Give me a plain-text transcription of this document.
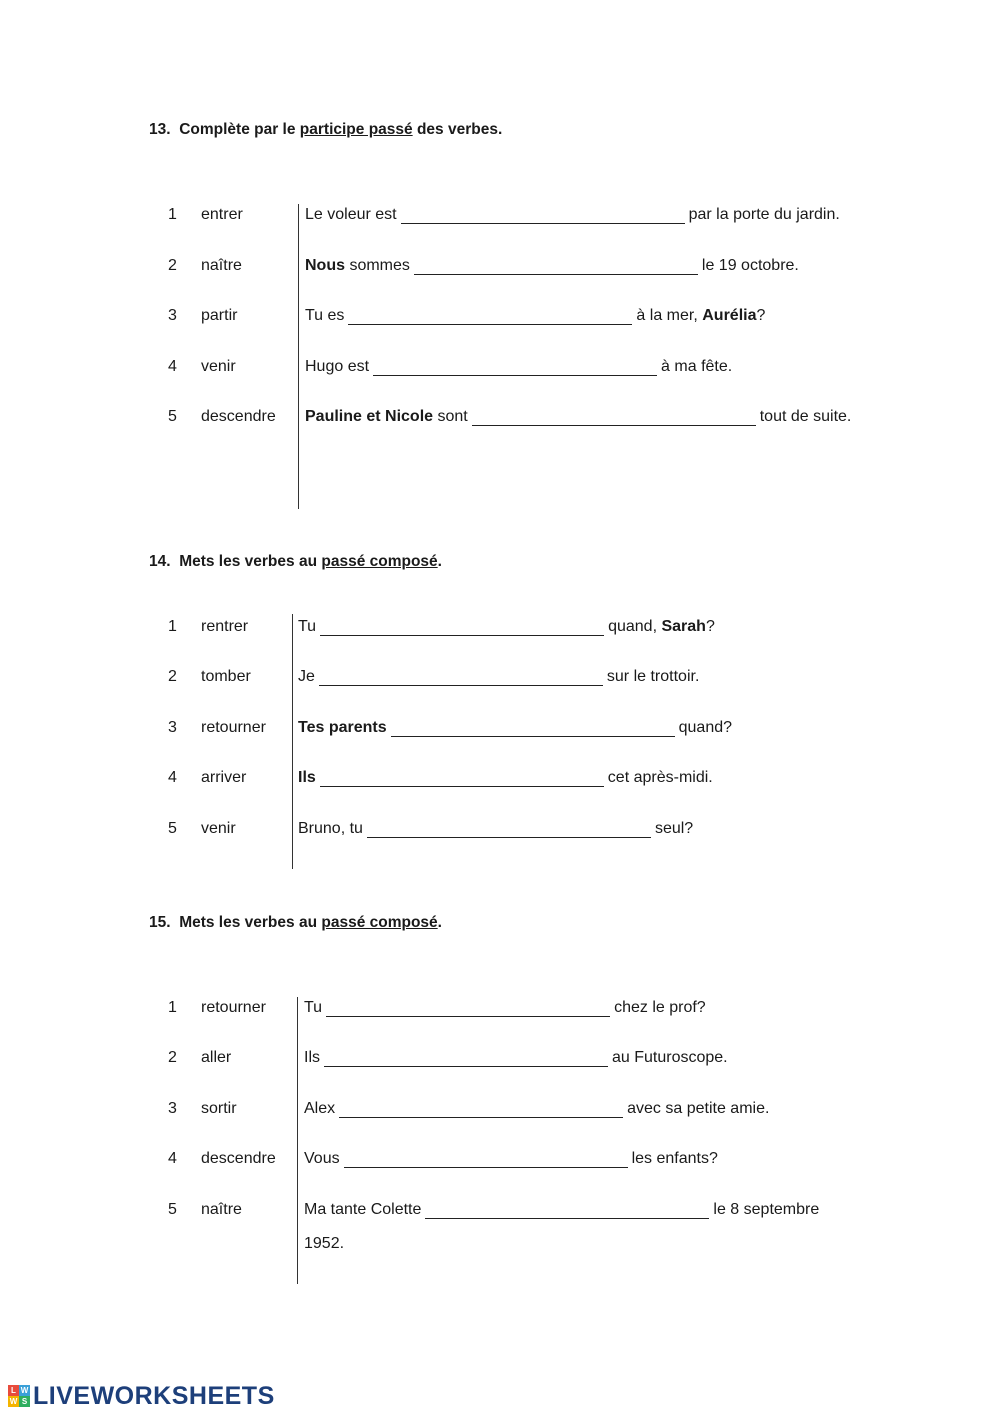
13. Complète par le participe passé des verbes.
1 entrer	Le voleur est	par la porte du jardin.
2 naître	Nous sommes	le 19 octobre.
3 partir	Tu es	à la mer, Aurélia?
4 venir	Hugo est	à ma fête.
5 descendre Pauline et Nicole sont	tout de suite.
14. Mets les verbes au passé composé.
1 rentrer	Tu	quand, Sarah?
2 tomber	Je	sur le trottoir.
3 retourner Tes parents	quand?
4 arriver	Ils	cet après-midi.
5 venir	Bruno, tu	seul?
15. Mets les verbes au passé composé.
1 retourner Tu	chez le prof?
2 aller	Ils	au Futuroscope.
3 sortir	Alex	avec sa petite amie.
4 descendre Vous	les enfants?
5 naître	Ma tante Colette	le 8 septembre
1952.
L W
W S LIVEWORKSHEETS
